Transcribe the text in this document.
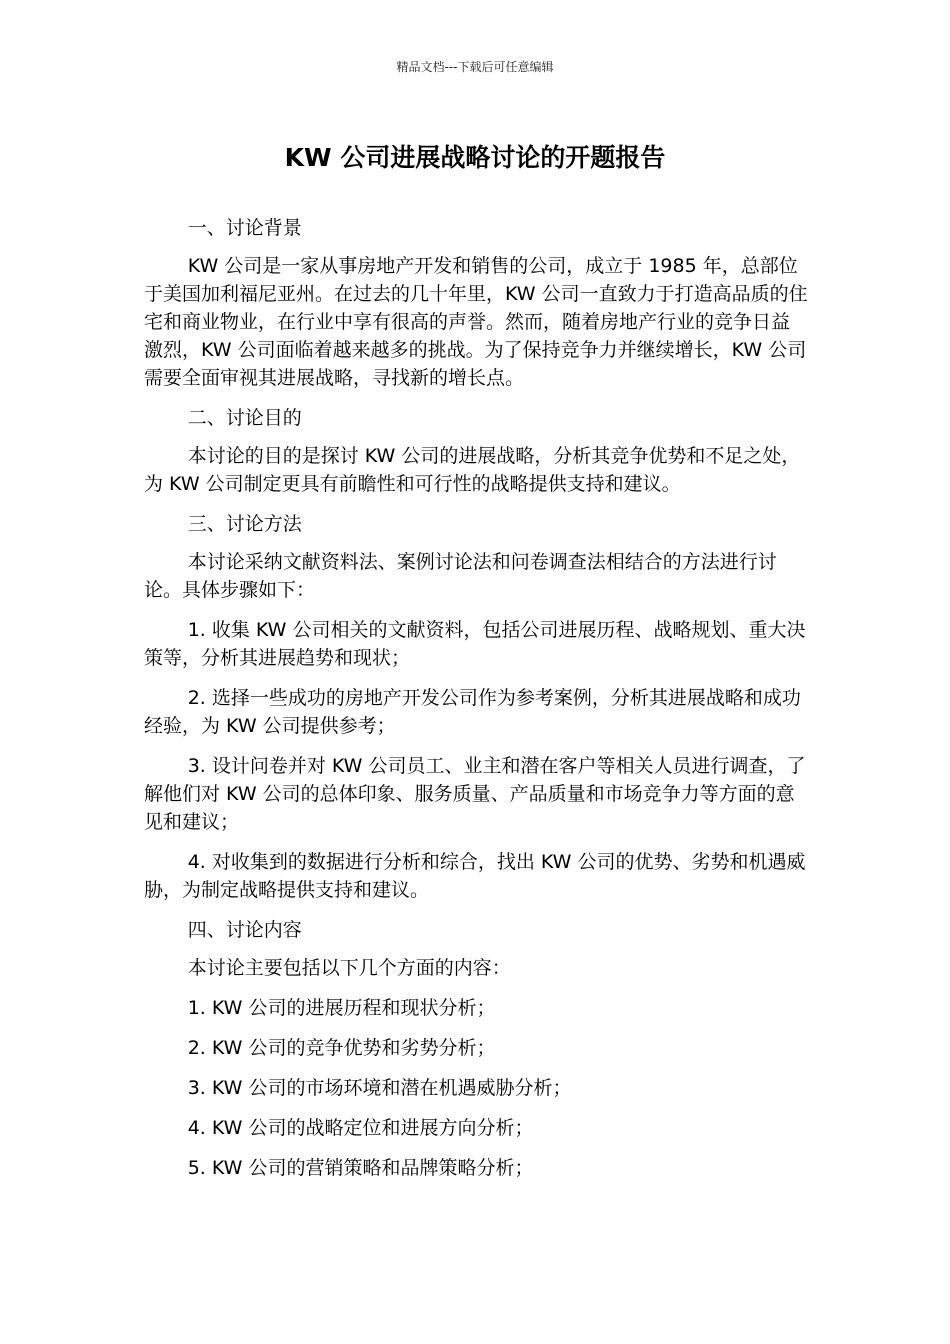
精品文档---下载后可任意编辑
KW 公司进展战略讨论的开题报告

一、讨论背景

KW 公司是一家从事房地产开发和销售的公司，成立于 1985 年，总部位于美国加利福尼亚州。在过去的几十年里，KW 公司一直致力于打造高品质的住宅和商业物业，在行业中享有很高的声誉。然而，随着房地产行业的竞争日益激烈，KW 公司面临着越来越多的挑战。为了保持竞争力并继续增长，KW 公司需要全面审视其进展战略，寻找新的增长点。

二、讨论目的

本讨论的目的是探讨 KW 公司的进展战略，分析其竞争优势和不足之处，为 KW 公司制定更具有前瞻性和可行性的战略提供支持和建议。

三、讨论方法

本讨论采纳文献资料法、案例讨论法和问卷调查法相结合的方法进行讨论。具体步骤如下：

1. 收集 KW 公司相关的文献资料，包括公司进展历程、战略规划、重大决策等，分析其进展趋势和现状；

2. 选择一些成功的房地产开发公司作为参考案例，分析其进展战略和成功经验，为 KW 公司提供参考；

3. 设计问卷并对 KW 公司员工、业主和潜在客户等相关人员进行调查，了解他们对 KW 公司的总体印象、服务质量、产品质量和市场竞争力等方面的意见和建议；

4. 对收集到的数据进行分析和综合，找出 KW 公司的优势、劣势和机遇威胁，为制定战略提供支持和建议。

四、讨论内容

本讨论主要包括以下几个方面的内容：

1. KW 公司的进展历程和现状分析；

2. KW 公司的竞争优势和劣势分析；

3. KW 公司的市场环境和潜在机遇威胁分析；

4. KW 公司的战略定位和进展方向分析；

5. KW 公司的营销策略和品牌策略分析；
